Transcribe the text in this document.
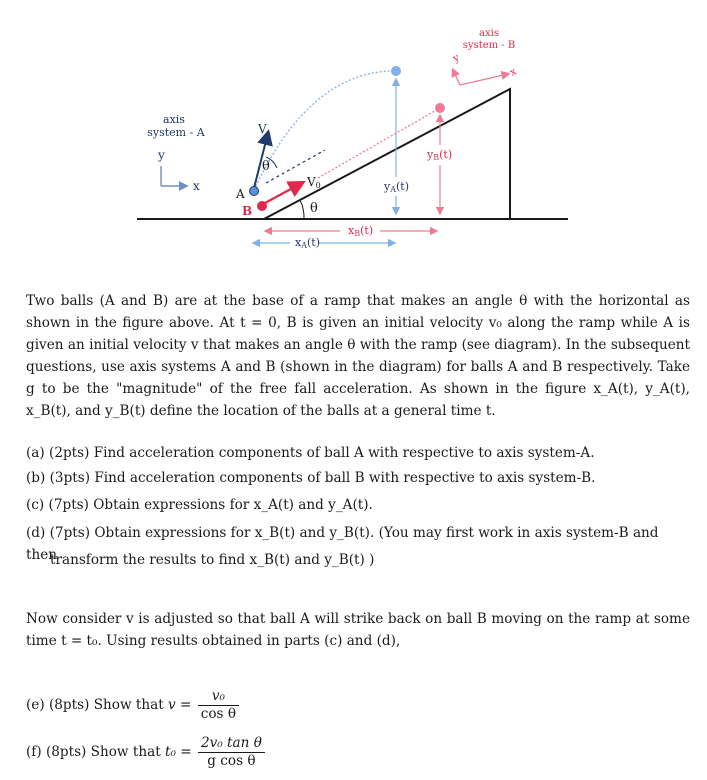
axis
system - A
y
x
axis
system - B
y
x
V
θ
V0
θ
A
B
yA(t)
yB(t)
xB(t)
xA(t)
Two balls (A and B) are at the base of a ramp that makes an angle θ with the horizontal as shown in the figure above. At t = 0, B is given an initial velocity v₀ along the ramp while A is given an initial velocity v that makes an angle θ with the ramp (see diagram). In the subsequent questions, use axis systems A and B (shown in the diagram) for balls A and B respectively. Take g to be the "magnitude" of the free fall acceleration. As shown in the figure x_A(t), y_A(t), x_B(t), and y_B(t) define the location of the balls at a general time t.
(a) (2pts) Find acceleration components of ball A with respective to axis system-A.
(b) (3pts) Find acceleration components of ball B with respective to axis system-B.
(c) (7pts) Obtain expressions for x_A(t) and y_A(t).
(d) (7pts) Obtain expressions for x_B(t) and y_B(t). (You may first work in axis system-B and then
transform the results to find x_B(t) and y_B(t) )
Now consider v is adjusted so that ball A will strike back on ball B moving on the ramp at some time t = t₀. Using results obtained in parts (c) and (d),
(e) (8pts) Show that $v = \frac{\text{v₀}}{\text{cos θ}}$
(f) (8pts) Show that $t_0 = \frac{\text{2v₀ tan θ}}{\text{g cos θ}}$
